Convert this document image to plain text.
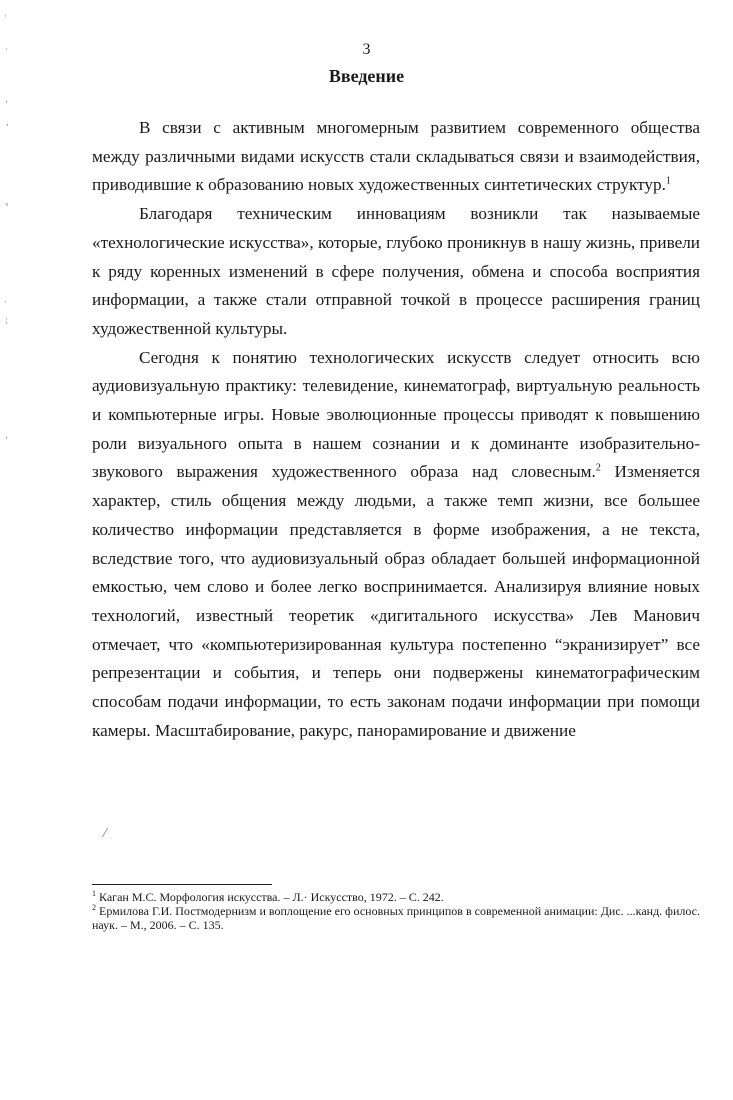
3
Введение

В связи с активным многомерным развитием современного общества между различными видами искусств стали складываться связи и взаимодействия, приводившие к образованию новых художественных синтетических структур.$^1$

Благодаря техническим инновациям возникли так называемые «технологические искусства», которые, глубоко проникнув в нашу жизнь, привели к ряду коренных изменений в сфере получения, обмена и способа восприятия информации, а также стали отправной точкой в процессе расширения границ художественной культуры.

Сегодня к понятию технологических искусств следует относить всю аудиовизуальную практику: телевидение, кинематограф, виртуальную реальность и компьютерные игры. Новые эволюционные процессы приводят к повышению роли визуального опыта в нашем сознании и к доминанте изобразительно-звукового выражения художественного образа над словесным.$^2$ Изменяется характер, стиль общения между людьми, а также темп жизни, все большее количество информации представляется в форме изображения, а не текста, вследствие того, что аудиовизуальный образ обладает большей информационной емкостью, чем слово и более легко воспринимается. Анализируя влияние новых технологий, известный теоретик «дигитального искусства» Лев Манович отмечает, что «компьютеризированная культура постепенно “экранизирует” все репрезентации и события, и теперь они подвержены кинематографическим способам подачи информации, то есть законам подачи информации при помощи камеры. Масштабирование, ракурс, панорамирование и движение

$^1$ Каган М.С. Морфология искусства. – Л.· Искусство, 1972. – С. 242.

$^2$ Ермилова Г.И. Постмодернизм и воплощение его основных принципов в современной анимации: Дис. ...канд. филос. наук. – М., 2006. – С. 135.

·
·
'
,
‹
·
;
'
⁄
